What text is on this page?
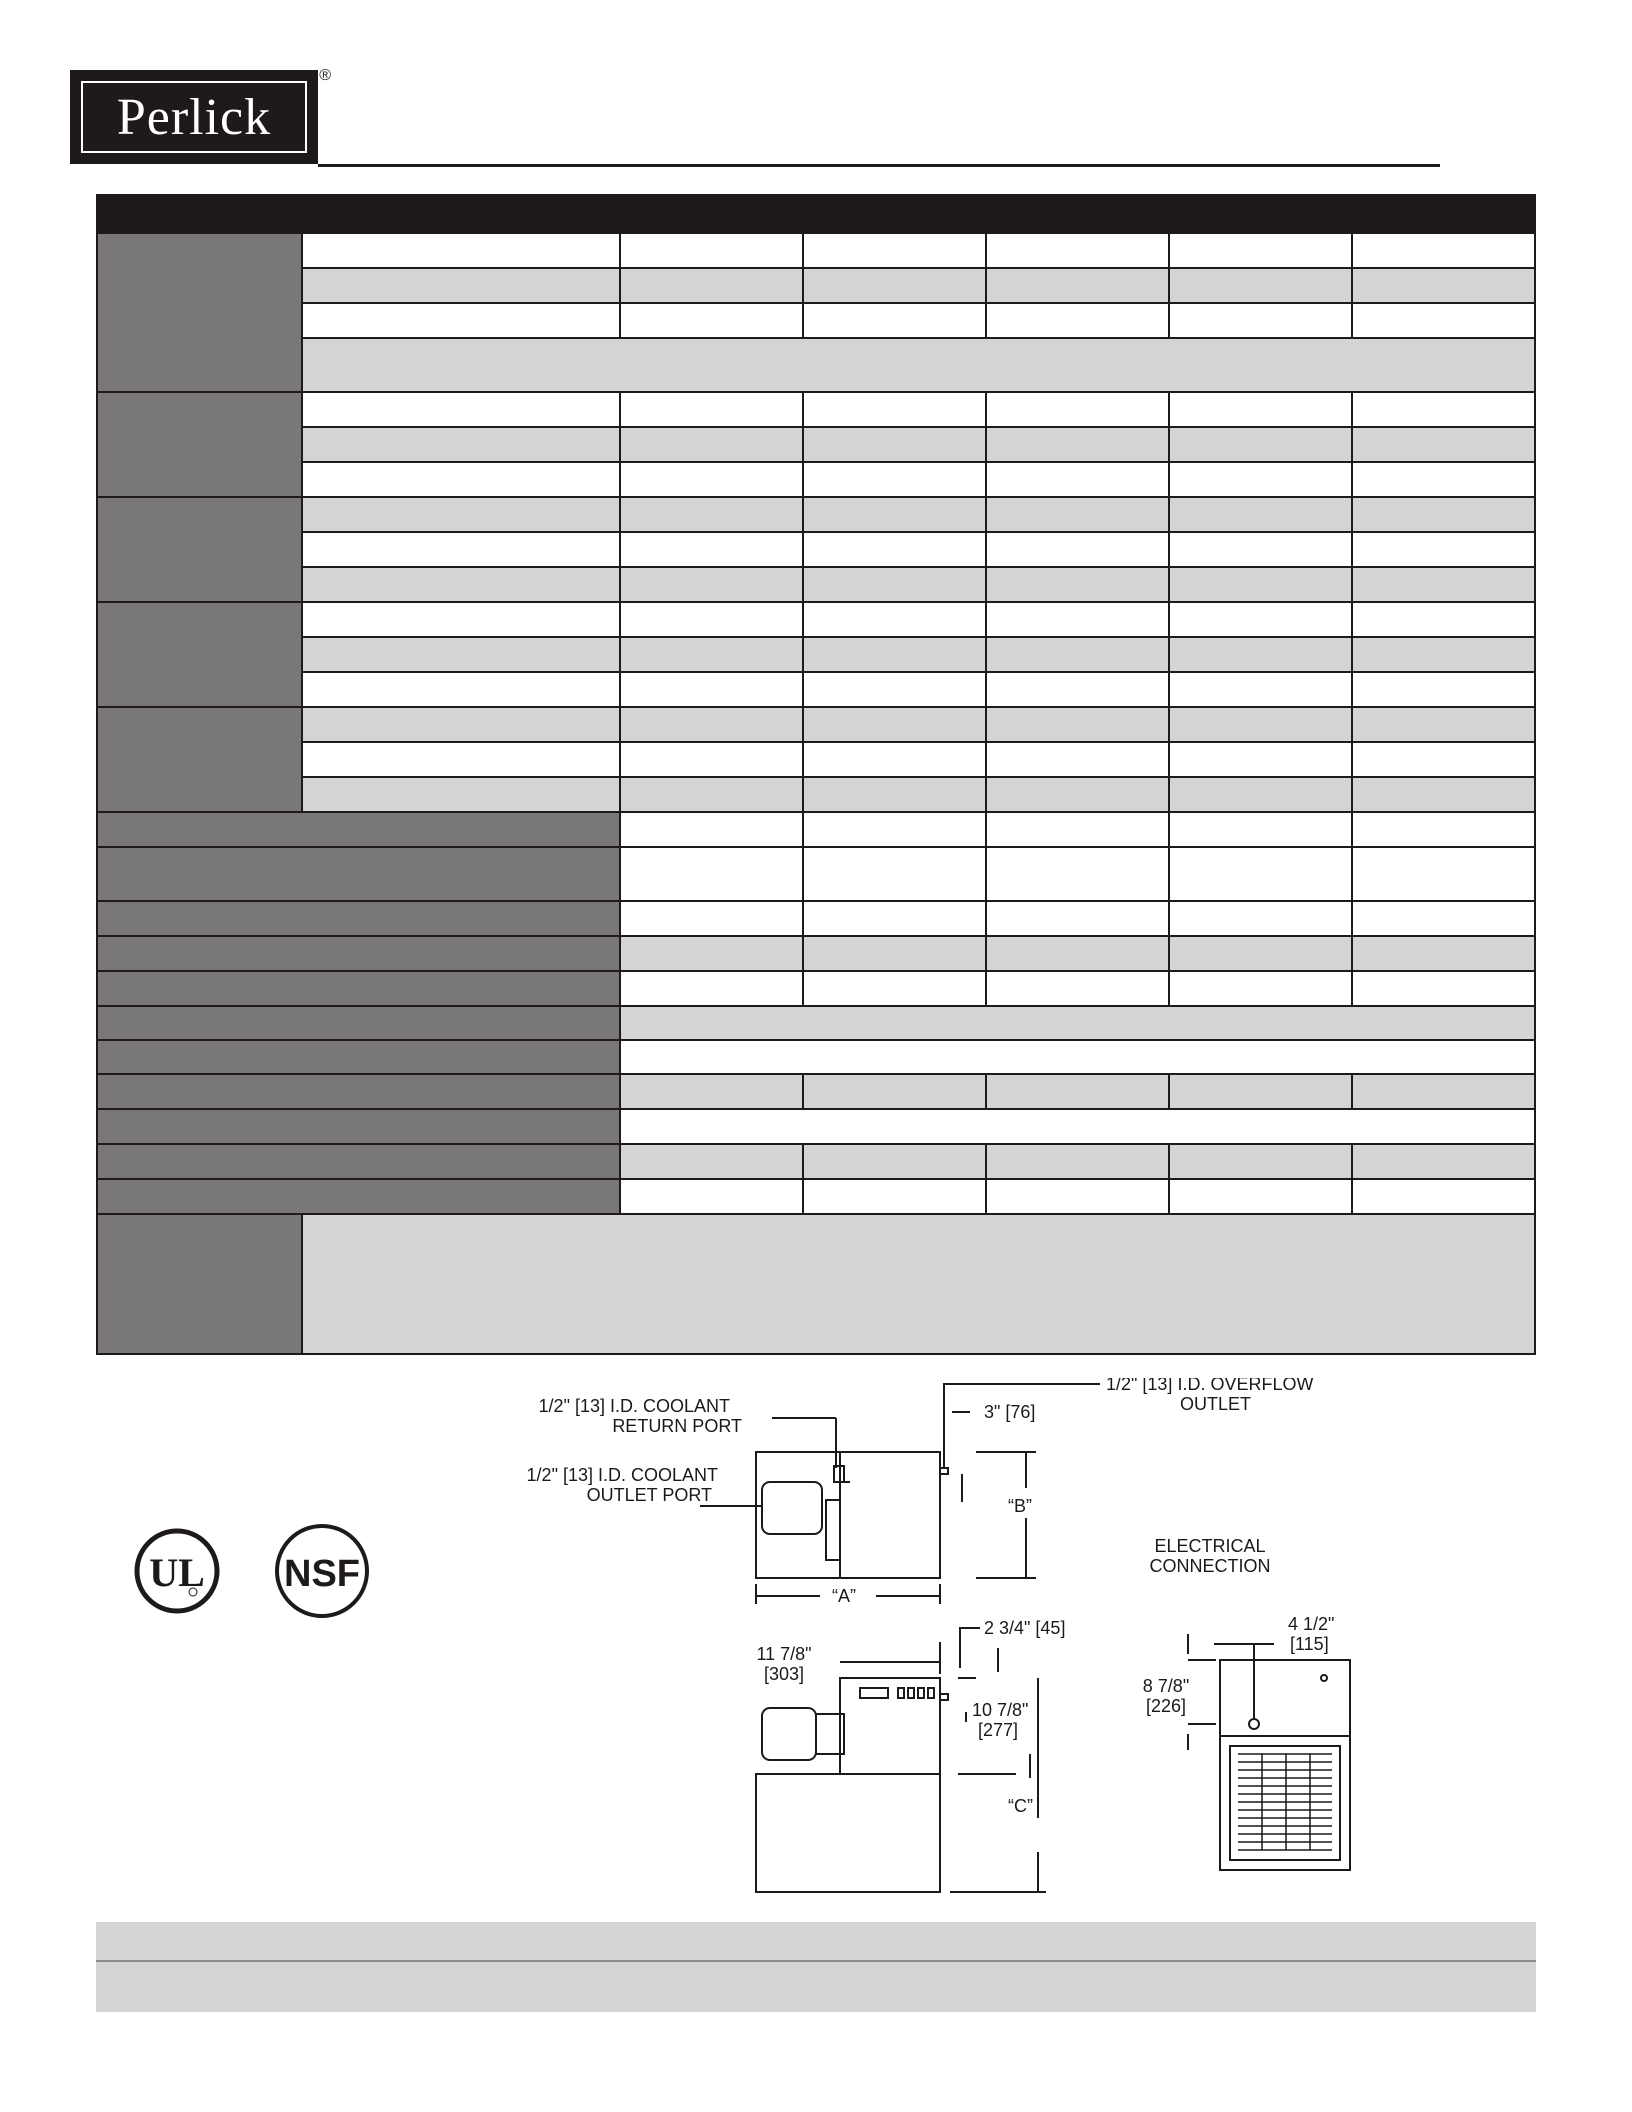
Perlick
®

UL NSF
1/2" [13] I.D. COOLANT
RETURN PORT
1/2" [13] I.D. COOLANT
OUTLET PORT
1/2" [13] I.D. OVERFLOW
OUTLET
3" [76]
“B”
“A”
11 7/8"
[303]
2 3/4" [45]
10 7/8"
[277]
“C”
ELECTRICAL
CONNECTION
4 1/2"
[115]
8 7/8"
[226]
